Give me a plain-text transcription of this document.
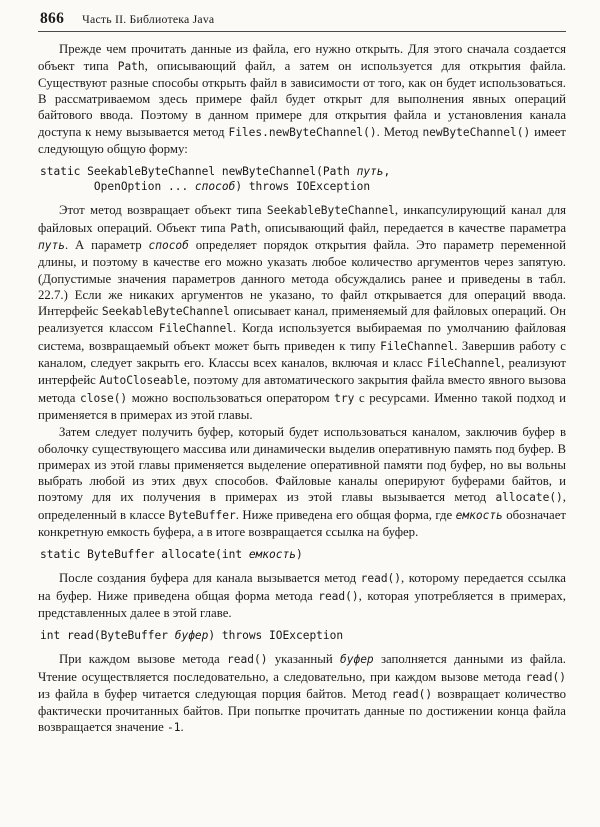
866 Часть II. Библиотека Java

Прежде чем прочитать данные из файла, его нужно открыть. Для этого сначала создается объект типа Path, описывающий файл, а затем он используется для открытия файла. Существуют разные способы открыть файл в зависимости от того, как он будет использоваться. В рассматриваемом здесь примере файл будет открыт для выполнения явных операций байтового ввода. Поэтому в данном примере для открытия файла и установления канала доступа к нему вызывается метод Files.newByteChannel(). Метод newByteChannel() имеет следующую общую форму:

static SeekableByteChannel newByteChannel(Path путь,
OpenOption ... способ) throws IOException

Этот метод возвращает объект типа SeekableByteChannel, инкапсулирующий канал для файловых операций. Объект типа Path, описывающий файл, передается в качестве параметра путь. А параметр способ определяет порядок открытия файла. Это параметр переменной длины, и поэтому в качестве его можно указать любое количество аргументов через запятую. (Допустимые значения параметров данного метода обсуждались ранее и приведены в табл. 22.7.) Если же никаких аргументов не указано, то файл открывается для операций ввода. Интерфейс SeekableByteChannel описывает канал, применяемый для файловых операций. Он реализуется классом FileChannel. Когда используется выбираемая по умолчанию файловая система, возвращаемый объект может быть приведен к типу FileChannel. Завершив работу с каналом, следует закрыть его. Классы всех каналов, включая и класс FileChannel, реализуют интерфейс AutoCloseable, поэтому для автоматического закрытия файла вместо явного вызова метода close() можно воспользоваться оператором try с ресурсами. Именно такой подход и применяется в примерах из этой главы.

Затем следует получить буфер, который будет использоваться каналом, заключив буфер в оболочку существующего массива или динамически выделив оперативную память под буфер. В примерах из этой главы применяется выделение оперативной памяти под буфер, но вы вольны выбрать любой из этих двух способов. Файловые каналы оперируют буферами байтов, и поэтому для их получения в примерах из этой главы вызывается метод allocate(), определенный в классе ByteBuffer. Ниже приведена его общая форма, где емкость обозначает конкретную емкость буфера, а в итоге возвращается ссылка на буфер.

static ByteBuffer allocate(int емкость)

После создания буфера для канала вызывается метод read(), которому передается ссылка на буфер. Ниже приведена общая форма метода read(), которая употребляется в примерах, представленных далее в этой главе.

int read(ByteBuffer буфер) throws IOException

При каждом вызове метода read() указанный буфер заполняется данными из файла. Чтение осуществляется последовательно, а следовательно, при каждом вызове метода read() из файла в буфер читается следующая порция байтов. Метод read() возвращает количество фактически прочитанных байтов. При попытке прочитать данные по достижении конца файла возвращается значение -1.
